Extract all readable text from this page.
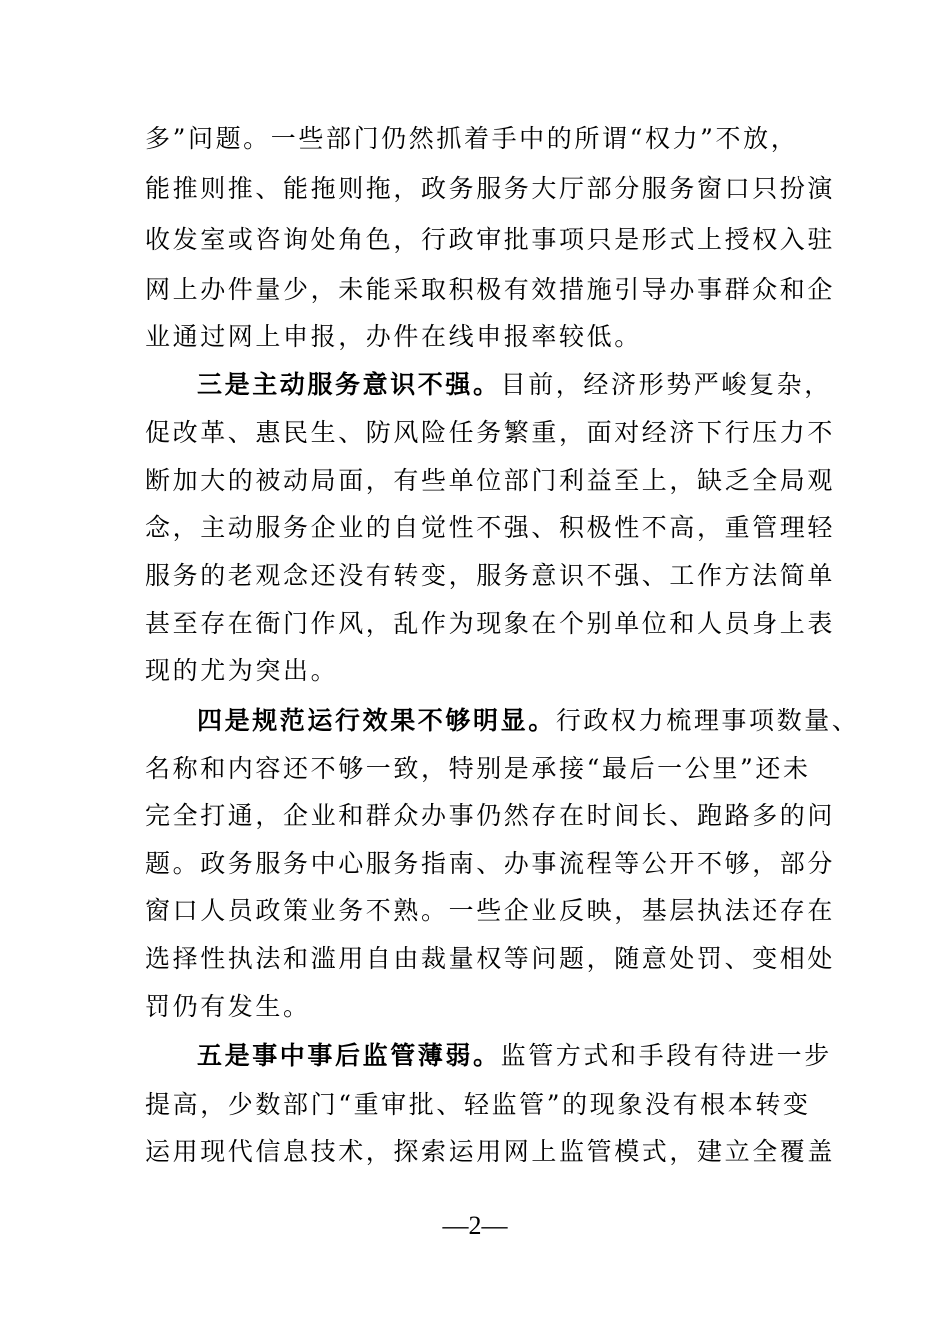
多”问题。一些部门仍然抓着手中的所谓“权力”不放，
能推则推、能拖则拖，政务服务大厅部分服务窗口只扮演
收发室或咨询处角色，行政审批事项只是形式上授权入驻
网上办件量少，未能采取积极有效措施引导办事群众和企
业通过网上申报，办件在线申报率较低。
三是主动服务意识不强。目前，经济形势严峻复杂，
促改革、惠民生、防风险任务繁重，面对经济下行压力不
断加大的被动局面，有些单位部门利益至上，缺乏全局观
念，主动服务企业的自觉性不强、积极性不高，重管理轻
服务的老观念还没有转变，服务意识不强、工作方法简单
甚至存在衙门作风，乱作为现象在个别单位和人员身上表
现的尤为突出。
四是规范运行效果不够明显。行政权力梳理事项数量、
名称和内容还不够一致，特别是承接“最后一公里”还未
完全打通，企业和群众办事仍然存在时间长、跑路多的问
题。政务服务中心服务指南、办事流程等公开不够，部分
窗口人员政策业务不熟。一些企业反映，基层执法还存在
选择性执法和滥用自由裁量权等问题，随意处罚、变相处
罚仍有发生。
五是事中事后监管薄弱。监管方式和手段有待进一步
提高，少数部门“重审批、轻监管”的现象没有根本转变
运用现代信息技术，探索运用网上监管模式，建立全覆盖
—2—
